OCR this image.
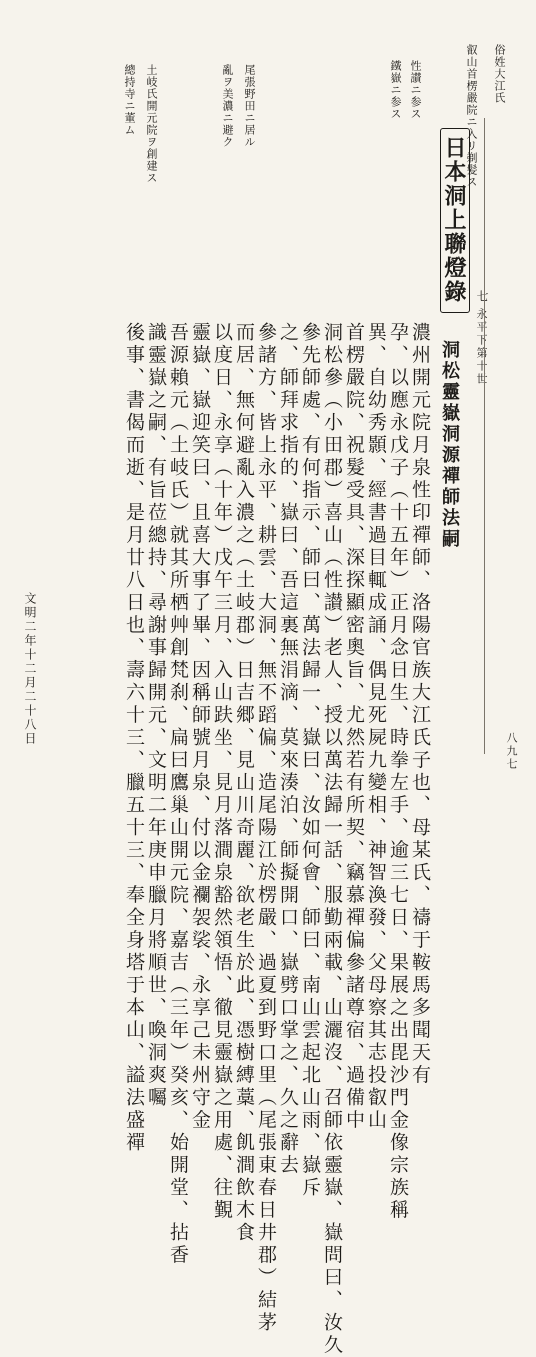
俗姓大江氏
叡山首楞嚴院ニ入リ剃髪ス
性讃ニ参ス
鐵嶽ニ参ス
尾張野田ニ居ル
亂ヲ美濃ニ避ク
土岐氏開元院ヲ創建ス
總持寺ニ董ム
日本洞上聯燈錄 七
永平下第十世
洞松靈嶽洞源禪師法嗣
濃州開元院月泉性印禪師、洛陽官族大江氏子也、母某氏、禱于鞍馬多聞天有
孕、以應永戊子（十五年）正月念日生、時拳左手、逾三七日、果展之出毘沙門金像宗族稱
異、自幼秀顥、經書過目輒成誦、偶見死屍九變相、神智渙發、父母察其志投叡山
首楞嚴院、祝髮受具、深探顯密奧旨、尤然若有所契、竊慕禪偏參諸尊宿、過備中
洞松參（小田郡）喜山（性讃）老人、授以萬法歸一話、服勤兩載、山灑沒、召師依靈嶽、嶽問曰、汝久
參先師處、有何指示、師曰、萬法歸一、嶽曰、汝如何會、師曰、南山雲起北山雨、嶽斥
之、師拜求指的、嶽曰、吾這裏無涓滴、莫來湊泊、師擬開口、嶽劈口掌之、久之辭去
參諸方、皆上永平、耕雲、大洞、無不蹈偏、造尾陽江於楞嚴、過夏到野口里（尾張東春日井郡）結茅
而居、無何避亂入濃之（土岐郡）日吉郷、見山川奇麗、欲老生於此、憑樹縛藁、飢澗飲木食
以度日、永享（十年）戊午三月、入山趺坐、見月落澗泉豁然領悟、徹見靈嶽之用處、往覲
靈嶽、嶽迎笑曰、且喜大事了畢、因稱師號月泉、付以金襴袈裟、永享己未州守金
吾源賴元（土岐氏）就其所栖艸創梵刹、扁曰鷹巢山開元院、嘉吉（三年）癸亥、始開堂、拈香
識靈嶽之嗣、有旨莅總持、尋謝事歸開元、文明二年庚申臘月將順世、喚洞爽囑
後事、書偈而逝、是月廿八日也、壽六十三、臘五十三、奉全身塔于本山、謚法盛禪
文明二年十二月二十八日
八九七
